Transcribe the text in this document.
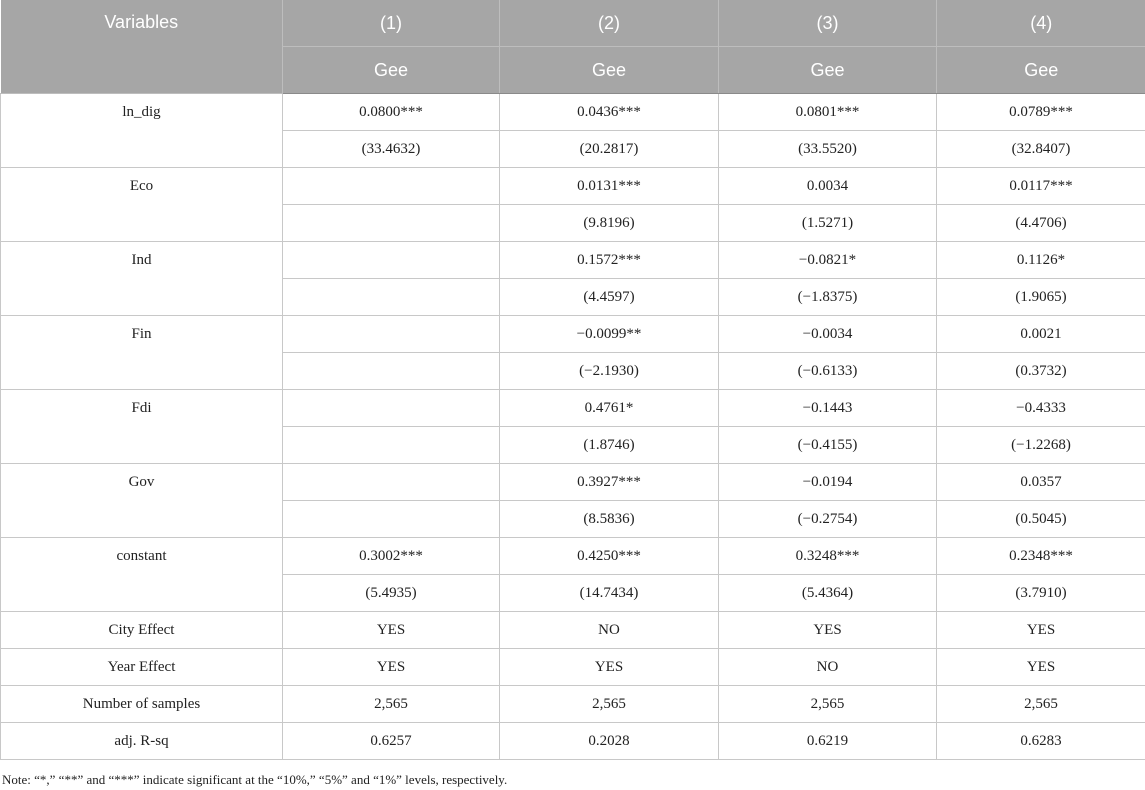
Variables	(1)	(2)	(3)	(4)
	Gee	Gee	Gee	Gee
ln_dig	0.0800***	0.0436***	0.0801***	0.0789***
	(33.4632)	(20.2817)	(33.5520)	(32.8407)
Eco		0.0131***	0.0034	0.0117***
		(9.8196)	(1.5271)	(4.4706)
Ind		0.1572***	−0.0821*	0.1126*
		(4.4597)	(−1.8375)	(1.9065)
Fin		−0.0099**	−0.0034	0.0021
		(−2.1930)	(−0.6133)	(0.3732)
Fdi		0.4761*	−0.1443	−0.4333
		(1.8746)	(−0.4155)	(−1.2268)
Gov		0.3927***	−0.0194	0.0357
		(8.5836)	(−0.2754)	(0.5045)
constant	0.3002***	0.4250***	0.3248***	0.2348***
	(5.4935)	(14.7434)	(5.4364)	(3.7910)
City Effect	YES	NO	YES	YES
Year Effect	YES	YES	NO	YES
Number of samples	2,565	2,565	2,565	2,565
adj. R-sq	0.6257	0.2028	0.6219	0.6283
Note: “*,” “**” and “***” indicate significant at the “10%,” “5%” and “1%” levels, respectively.
